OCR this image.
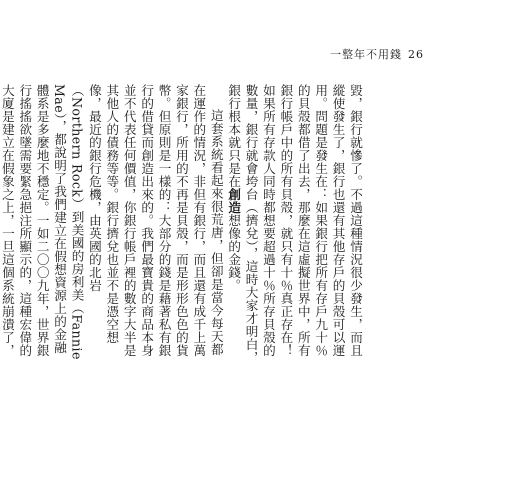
一整年不用錢 26

毀，銀行就慘了。不過這種情況很少發生，而且縱使發生了，銀行也還有其他存戶的貝殼可以運用。問題是發生在：如果銀行把所有存戶九十％的貝殼都借了出去，那麼在這虛擬世界中，所有銀行帳戶中的所有貝殼，就只有十％真正存在！如果所有存款人同時都想要超過十％所存貝殼的數量，銀行就會垮台（擠兌），這時大家才明白，銀行根本就只是在創造想像的金錢。

這套系統看起來很荒唐，但卻是當今每天都在運作的情況，非但有銀行，而且還有成千上萬家銀行，所用的不再是貝殼，而是形形色色的貨幣。但原則是一樣的：大部分的錢是藉著私有銀行的借貸而創造出來的。我們最寶貴的商品本身並不代表任何價值，你銀行帳戶裡的數字大半是其他人的債務等等。銀行擠兌也並不是憑空想像，最近的銀行危機，由英國的北岩（Northern Rock）到美國的房利美（Fannie Mae），都說明了我們建立在假想資源上的金融體系是多麼地不穩定。一如二〇〇九年，世界銀行搖搖欲墜需要緊急挹注所顯示的，這種宏偉的大廈是建立在假象之上，一旦這個系統崩潰了，
